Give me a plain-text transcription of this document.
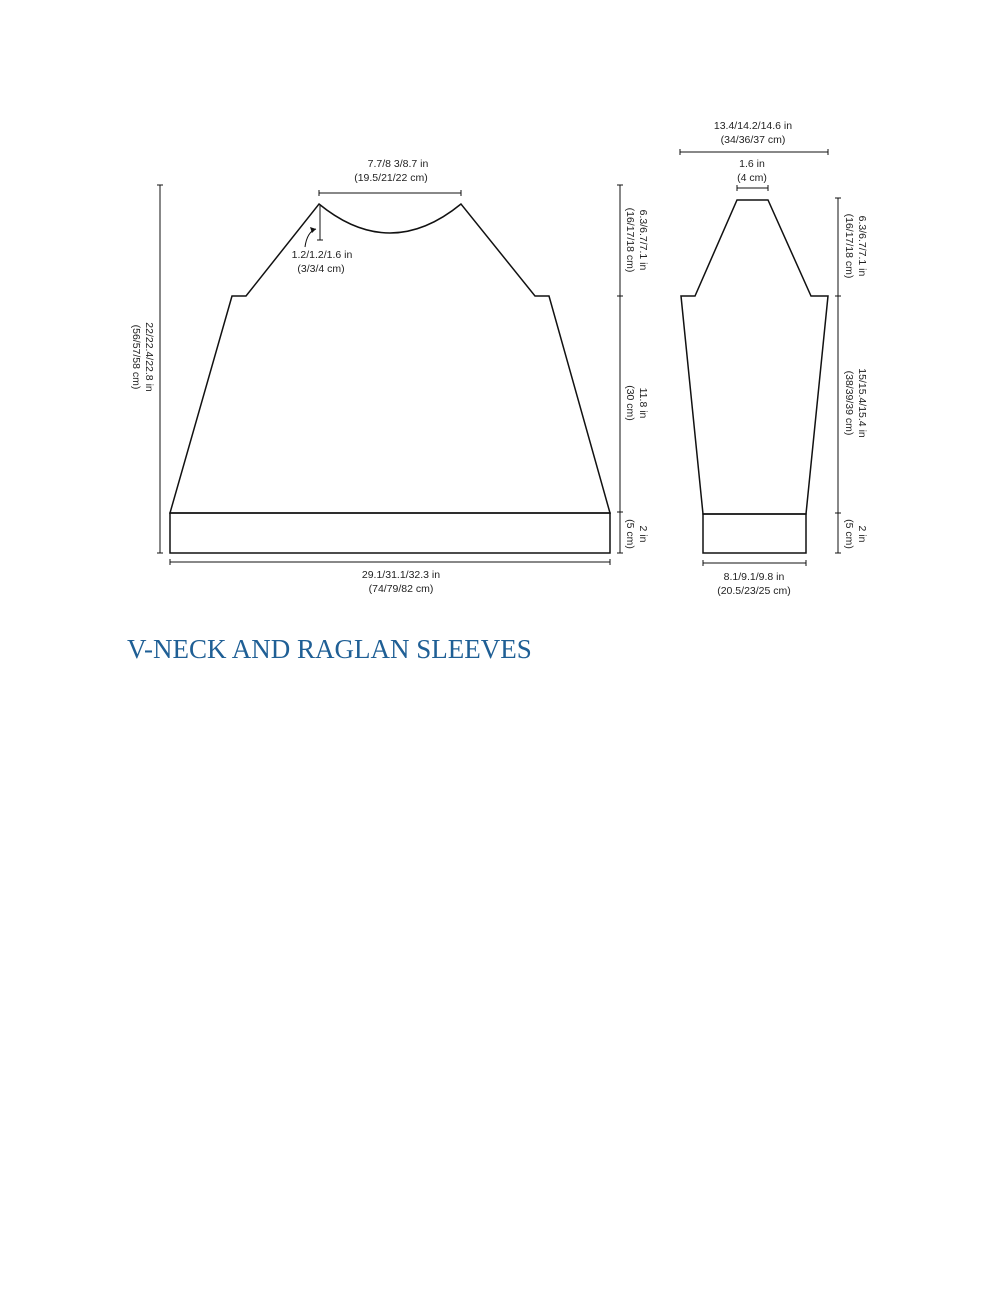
7.7/8 3/8.7 in
(19.5/21/22 cm)
1.2/1.2/1.6 in
(3/3/4 cm)
22/22.4/22.8 in
(56/57/58 cm)
6.3/6.7/7.1 in
(16/17/18 cm)
11.8 in
(30 cm)
2 in
(5 cm)
29.1/31.1/32.3 in
(74/79/82 cm)
13.4/14.2/14.6 in
(34/36/37 cm)
1.6 in
(4 cm)
6.3/6.7/7.1 in
(16/17/18 cm)
15/15.4/15.4 in
(38/39/39 cm)
2 in
(5 cm)
8.1/9.1/9.8 in
(20.5/23/25 cm)
V-NECK AND RAGLAN SLEEVES
